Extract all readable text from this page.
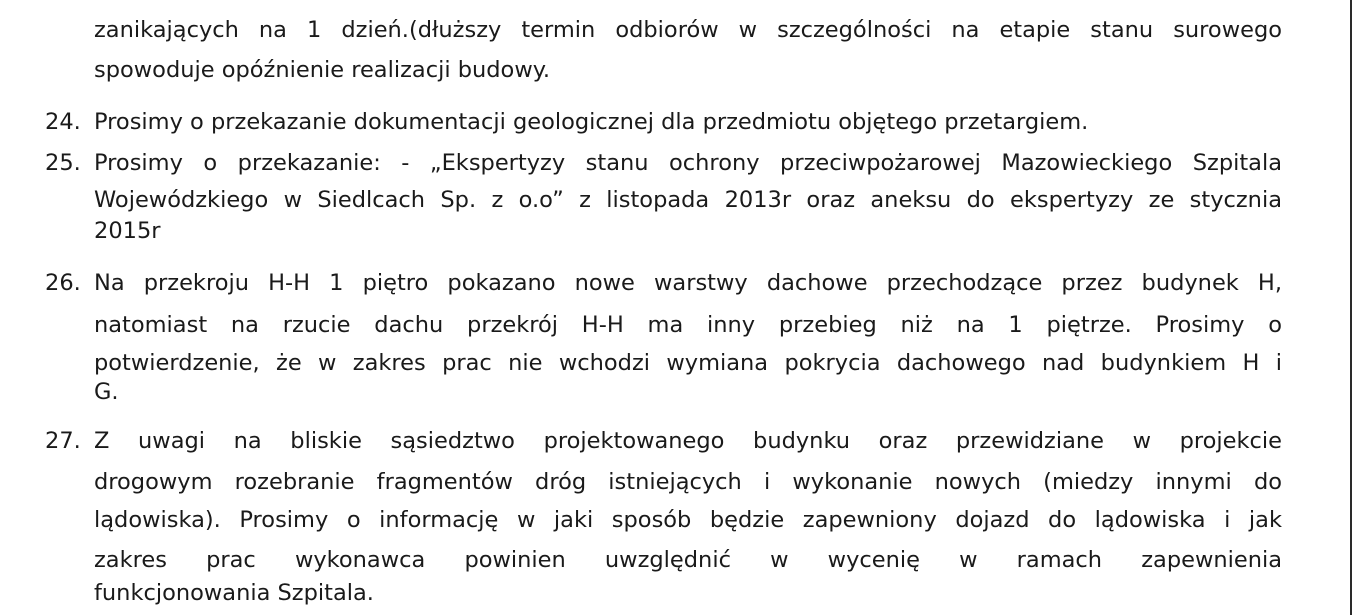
zanikających na 1 dzień.(dłuższy termin odbiorów w szczególności na etapie stanu surowego
spowoduje opóźnienie realizacji budowy.
24. Prosimy o przekazanie dokumentacji geologicznej dla przedmiotu objętego przetargiem.
25. Prosimy o przekazanie: - „Ekspertyzy stanu ochrony przeciwpożarowej Mazowieckiego Szpitala
Wojewódzkiego w Siedlcach Sp. z o.o” z listopada 2013r oraz aneksu do ekspertyzy ze stycznia
2015r
26. Na przekroju H-H 1 piętro pokazano nowe warstwy dachowe przechodzące przez budynek H,
natomiast na rzucie dachu przekrój H-H ma inny przebieg niż na 1 piętrze. Prosimy o
potwierdzenie, że w zakres prac nie wchodzi wymiana pokrycia dachowego nad budynkiem H i
G.
27. Z uwagi na bliskie sąsiedztwo projektowanego budynku oraz przewidziane w projekcie
drogowym rozebranie fragmentów dróg istniejących i wykonanie nowych (miedzy innymi do
lądowiska). Prosimy o informację w jaki sposób będzie zapewniony dojazd do lądowiska i jak
zakres prac wykonawca powinien uwzględnić w wycenię w ramach zapewnienia
funkcjonowania Szpitala.
